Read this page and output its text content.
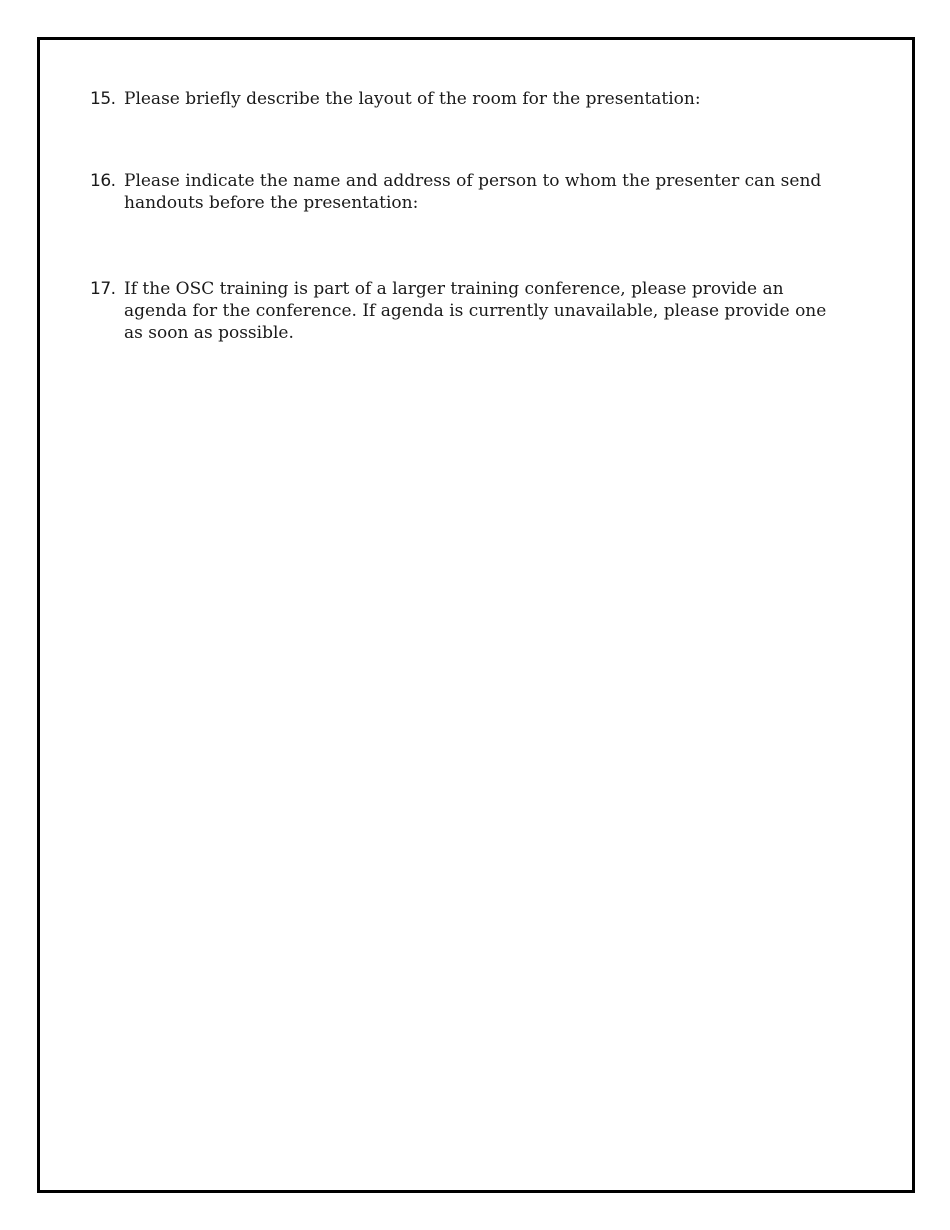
15. Please briefly describe the layout of the room for the presentation:
16. Please indicate the name and address of person to whom the presenter can send
handouts before the presentation:
17. If the OSC training is part of a larger training conference, please provide an
agenda for the conference. If agenda is currently unavailable, please provide one
as soon as possible.
